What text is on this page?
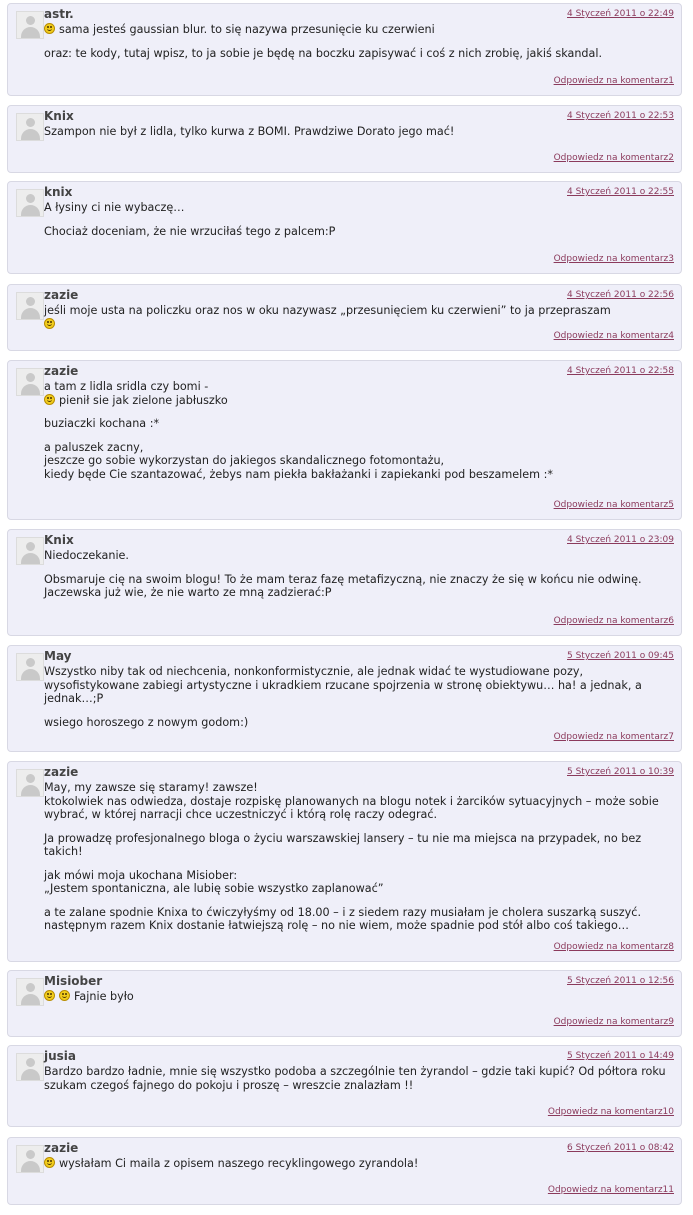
astr.	4 Styczeń 2011 o 22:49

sama jesteś gaussian blur. to się nazywa przesunięcie ku czerwieni

oraz: te kody, tutaj wpisz, to ja sobie je będę na boczku zapisywać i coś z nich zrobię, jakiś skandal.

Odpowiedz na komentarz1
Knix	4 Styczeń 2011 o 22:53

Szampon nie był z lidla, tylko kurwa z BOMI. Prawdziwe Dorato jego mać!

Odpowiedz na komentarz2
knix	4 Styczeń 2011 o 22:55

A łysiny ci nie wybaczę…

Chociaż doceniam, że nie wrzuciłaś tego z palcem:P

Odpowiedz na komentarz3
zazie	4 Styczeń 2011 o 22:56

jeśli moje usta na policzku oraz nos w oku nazywasz „przesunięciem ku czerwieni” to ja przepraszam

Odpowiedz na komentarz4
zazie	4 Styczeń 2011 o 22:58

a tam z lidla sridla czy bomi -

pienił sie jak zielone jabłuszko

buziaczki kochana :*

a paluszek zacny,
jeszcze go sobie wykorzystan do jakiegos skandalicznego fotomontażu,
kiedy będe Cie szantazować, żebys nam piekła bakłażanki i zapiekanki pod beszamelem :*

Odpowiedz na komentarz5
Knix	4 Styczeń 2011 o 23:09

Niedoczekanie.

Obsmaruje cię na swoim blogu! To że mam teraz fazę metafizyczną, nie znaczy że się w końcu nie odwinę. Jaczewska już wie, że nie warto ze mną zadzierać:P

Odpowiedz na komentarz6
May	5 Styczeń 2011 o 09:45

Wszystko niby tak od niechcenia, nonkonformistycznie, ale jednak widać te wystudiowane pozy, wysofistykowane zabiegi artystyczne i ukradkiem rzucane spojrzenia w stronę obiektywu… ha! a jednak, a jednak…;P

wsiego horoszego z nowym godom:)

Odpowiedz na komentarz7
zazie	5 Styczeń 2011 o 10:39

May, my zawsze się staramy! zawsze!
ktokolwiek nas odwiedza, dostaje rozpiskę planowanych na blogu notek i żarcików sytuacyjnych – może sobie wybrać, w której narracji chce uczestniczyć i którą rolę raczy odegrać.

Ja prowadzę profesjonalnego bloga o życiu warszawskiej lansery – tu nie ma miejsca na przypadek, no bez takich!

jak mówi moja ukochana Misiober:
„Jestem spontaniczna, ale lubię sobie wszystko zaplanować”

a te zalane spodnie Knixa to ćwiczyłyśmy od 18.00 – i z siedem razy musiałam je cholera suszarką suszyć.
następnym razem Knix dostanie łatwiejszą rolę – no nie wiem, może spadnie pod stół albo coś takiego…

Odpowiedz na komentarz8
Misiober	5 Styczeń 2011 o 12:56

Fajnie było

Odpowiedz na komentarz9
jusia	5 Styczeń 2011 o 14:49

Bardzo bardzo ładnie, mnie się wszystko podoba a szczególnie ten żyrandol – gdzie taki kupić? Od półtora roku szukam czegoś fajnego do pokoju i proszę – wreszcie znalazłam !!

Odpowiedz na komentarz10
zazie	6 Styczeń 2011 o 08:42

wysłałam Ci maila z opisem naszego recyklingowego zyrandola!

Odpowiedz na komentarz11
